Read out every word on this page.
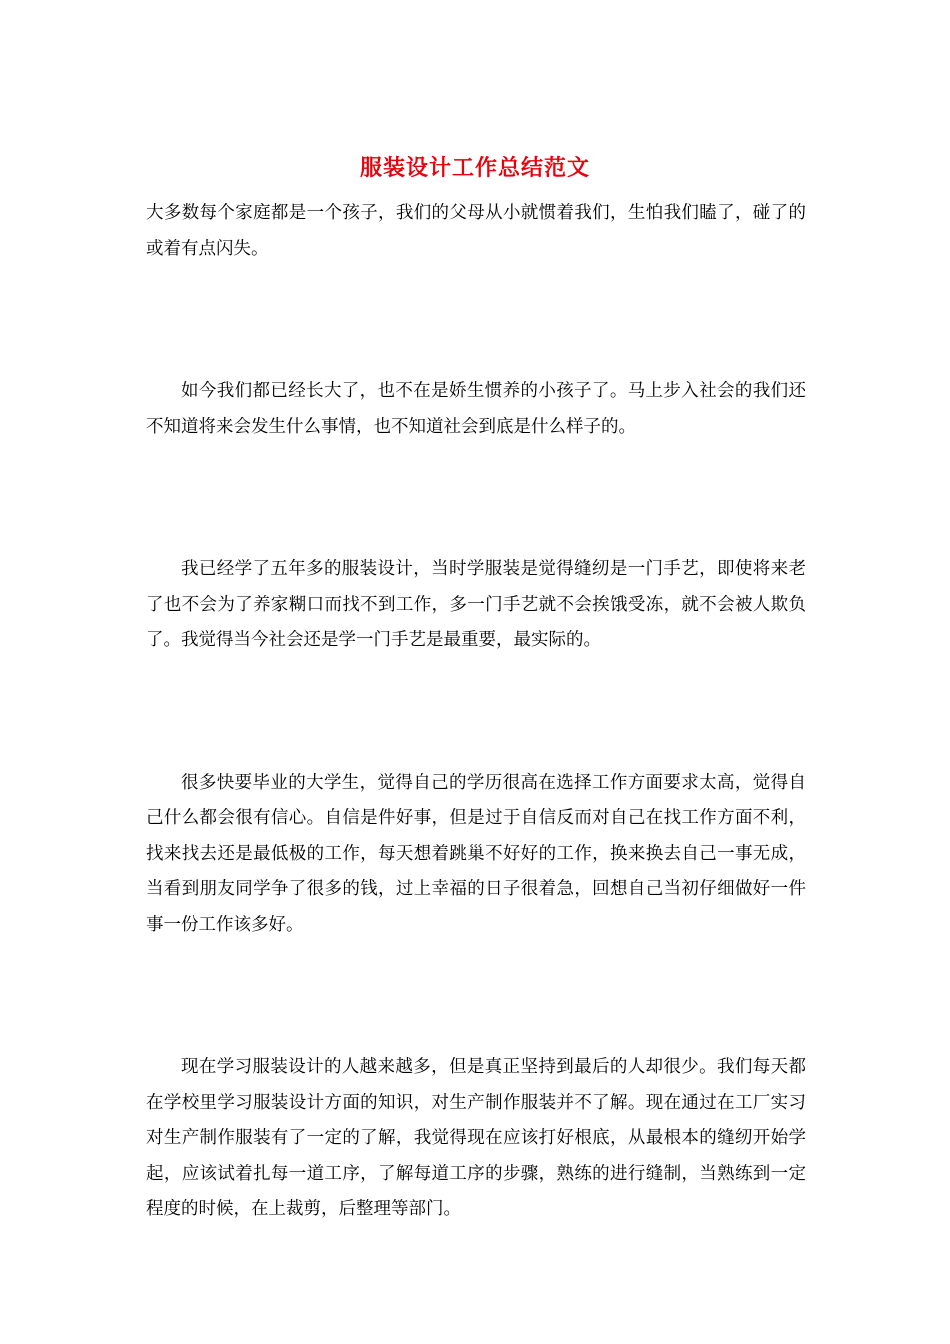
服装设计工作总结范文

大多数每个家庭都是一个孩子，我们的父母从小就惯着我们，生怕我们瞌了，碰了的或着有点闪失。

如今我们都已经长大了，也不在是娇生惯养的小孩子了。马上步入社会的我们还不知道将来会发生什么事情，也不知道社会到底是什么样子的。

我已经学了五年多的服装设计，当时学服装是觉得缝纫是一门手艺，即使将来老了也不会为了养家糊口而找不到工作，多一门手艺就不会挨饿受冻，就不会被人欺负了。我觉得当今社会还是学一门手艺是最重要，最实际的。

很多快要毕业的大学生，觉得自己的学历很高在选择工作方面要求太高，觉得自己什么都会很有信心。自信是件好事，但是过于自信反而对自己在找工作方面不利，找来找去还是最低极的工作，每天想着跳巢不好好的工作，换来换去自己一事无成，当看到朋友同学争了很多的钱，过上幸福的日子很着急，回想自己当初仔细做好一件事一份工作该多好。

现在学习服装设计的人越来越多，但是真正坚持到最后的人却很少。我们每天都在学校里学习服装设计方面的知识，对生产制作服装并不了解。现在通过在工厂实习对生产制作服装有了一定的了解，我觉得现在应该打好根底，从最根本的缝纫开始学起，应该试着扎每一道工序，了解每道工序的步骤，熟练的进行缝制，当熟练到一定程度的时候，在上裁剪，后整理等部门。
